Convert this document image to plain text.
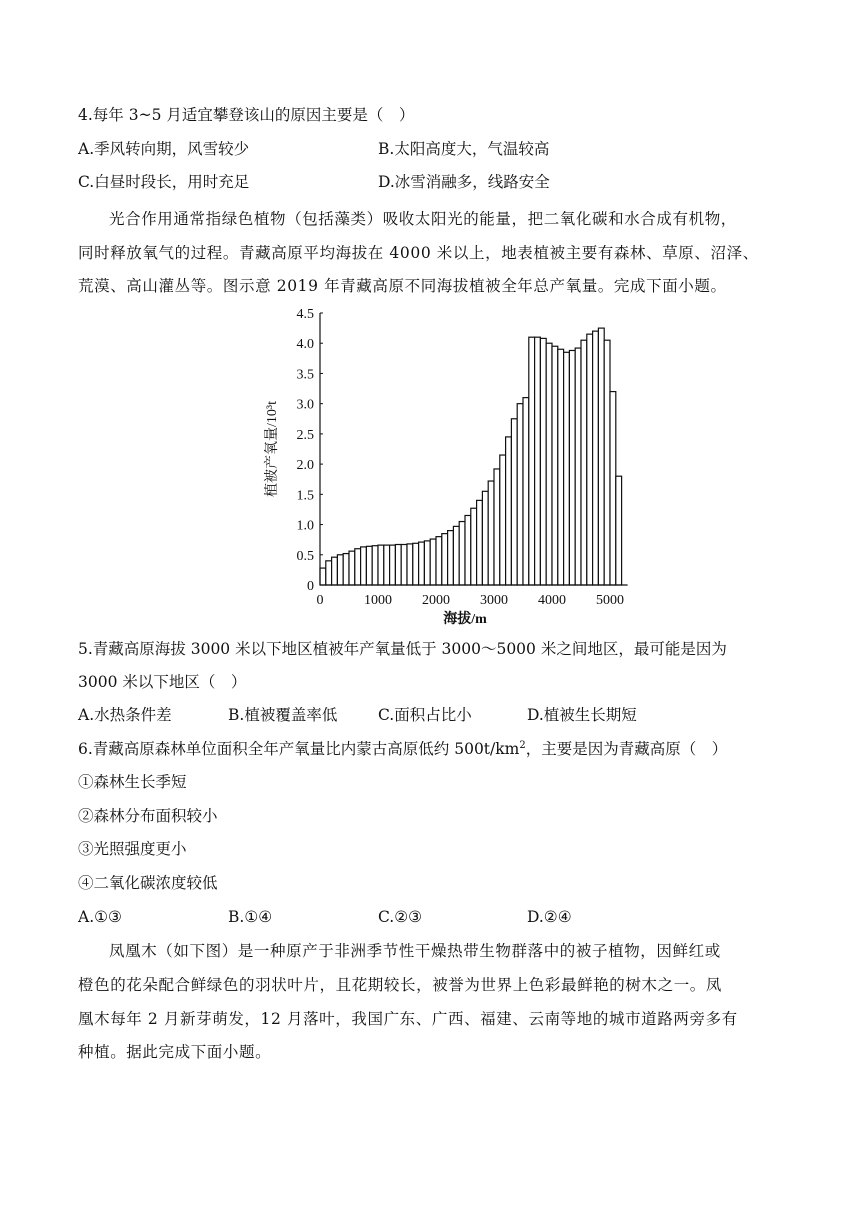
4.每年 3~5 月适宜攀登该山的原因主要是（　）
A.季风转向期，风雪较少	B.太阳高度大，气温较高
C.白昼时段长，用时充足	D.冰雪消融多，线路安全
光合作用通常指绿色植物（包括藻类）吸收太阳光的能量，把二氧化碳和水合成有机物，
同时释放氧气的过程。青藏高原平均海拔在 4000 米以上，地表植被主要有森林、草原、沼泽、
荒漠、高山灌丛等。图示意 2019 年青藏高原不同海拔植被全年总产氧量。完成下面小题。
0
0.5
1.0
1.5
2.0
2.5
3.0
3.5
4.0
4.5
0	1000 2000 3000 4000 5000
植被产氧量/10³t
海拔/m
5.青藏高原海拔 3000 米以下地区植被年产氧量低于 3000～5000 米之间地区，最可能是因为
3000 米以下地区（　）
A.水热条件差	B.植被覆盖率低	C.面积占比小	D.植被生长期短
6.青藏高原森林单位面积全年产氧量比内蒙古高原低约 $500t/km^2$，主要是因为青藏高原（　）
①森林生长季短
②森林分布面积较小
③光照强度更小
④二氧化碳浓度较低
A.①③	B.①④	C.②③	D.②④
凤凰木（如下图）是一种原产于非洲季节性干燥热带生物群落中的被子植物，因鲜红或
橙色的花朵配合鲜绿色的羽状叶片，且花期较长，被誉为世界上色彩最鲜艳的树木之一。凤
凰木每年 2 月新芽萌发，12 月落叶，我国广东、广西、福建、云南等地的城市道路两旁多有
种植。据此完成下面小题。
